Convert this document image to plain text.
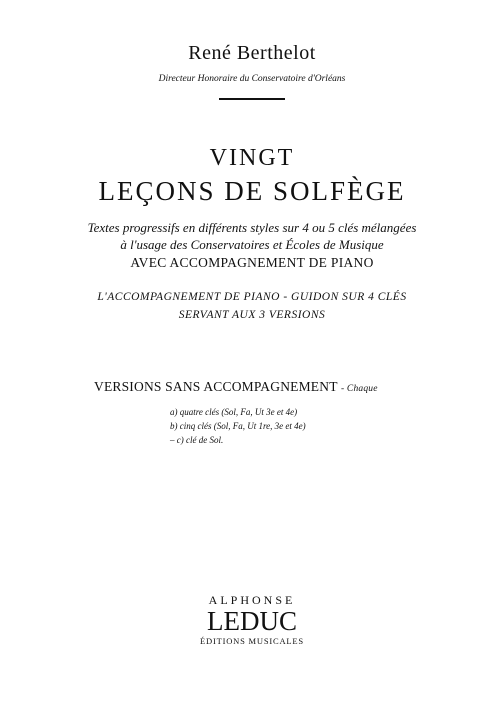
René Berthelot
Directeur Honoraire du Conservatoire d'Orléans
VINGT
LEÇONS DE SOLFÈGE
Textes progressifs en différents styles sur 4 ou 5 clés mélangées
à l'usage des Conservatoires et Écoles de Musique
AVEC ACCOMPAGNEMENT DE PIANO
L'ACCOMPAGNEMENT DE PIANO - GUIDON SUR 4 CLÉS
SERVANT AUX 3 VERSIONS
VERSIONS SANS ACCOMPAGNEMENT - Chaque
a) quatre clés (Sol, Fa, Ut 3e et 4e)
b) cinq clés (Sol, Fa, Ut 1re, 3e et 4e)
– c) clé de Sol.
ALPHONSE
LEDUC
ÉDITIONS MUSICALES
